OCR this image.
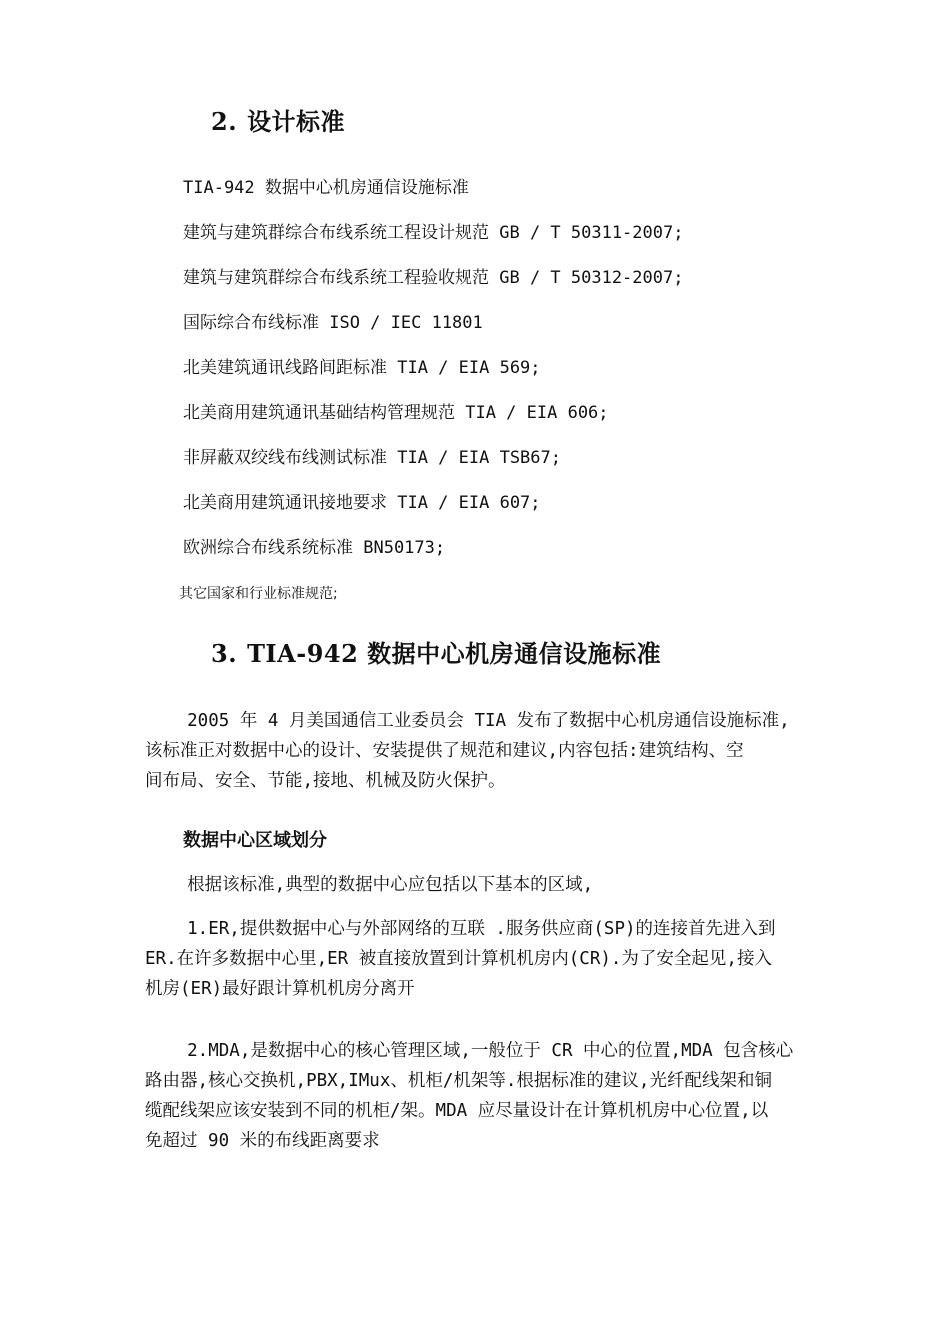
2. 设计标准
TIA-942 数据中心机房通信设施标准
建筑与建筑群综合布线系统工程设计规范 GB / T 50311-2007;
建筑与建筑群综合布线系统工程验收规范 GB / T 50312-2007;
国际综合布线标准 ISO / IEC 11801
北美建筑通讯线路间距标准 TIA / EIA 569;
北美商用建筑通讯基础结构管理规范 TIA / EIA 606;
非屏蔽双绞线布线测试标准 TIA / EIA TSB67;
北美商用建筑通讯接地要求 TIA / EIA 607;
欧洲综合布线系统标准 BN50173;
其它国家和行业标准规范;
3. TIA-942 数据中心机房通信设施标准
2005 年 4 月美国通信工业委员会 TIA 发布了数据中心机房通信设施标准,
该标准正对数据中心的设计、安装提供了规范和建议,内容包括:建筑结构、空
间布局、安全、节能,接地、机械及防火保护。
数据中心区域划分
根据该标准,典型的数据中心应包括以下基本的区域,
1.ER,提供数据中心与外部网络的互联 .服务供应商(SP)的连接首先进入到
ER.在许多数据中心里,ER 被直接放置到计算机机房内(CR).为了安全起见,接入
机房(ER)最好跟计算机机房分离开
2.MDA,是数据中心的核心管理区域,一般位于 CR 中心的位置,MDA 包含核心
路由器,核心交换机,PBX,IMux、机柜/机架等.根据标准的建议,光纤配线架和铜
缆配线架应该安装到不同的机柜/架。MDA 应尽量设计在计算机机房中心位置,以
免超过 90 米的布线距离要求
